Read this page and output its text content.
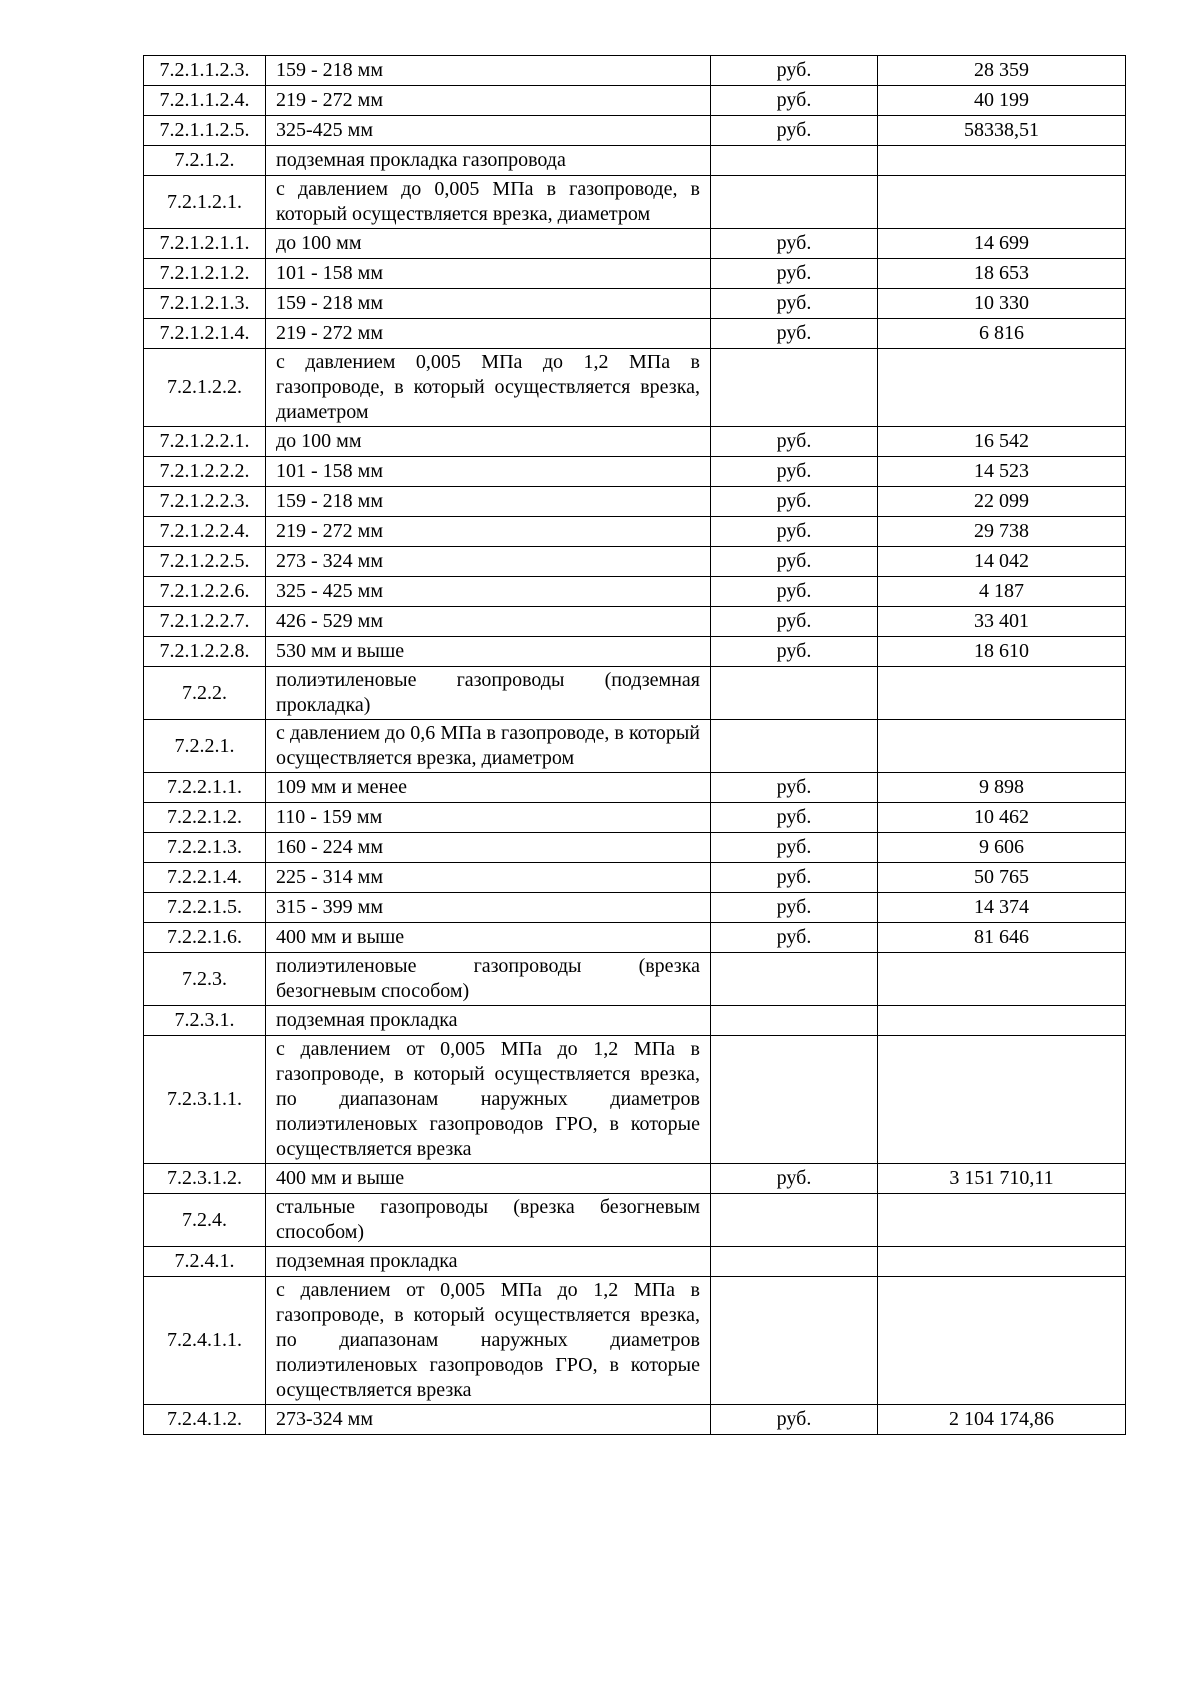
7.2.1.1.2.3.	159 - 218 мм	руб.	28 359
7.2.1.1.2.4.	219 - 272 мм	руб.	40 199
7.2.1.1.2.5.	325-425 мм	руб.	58338,51
7.2.1.2.	подземная прокладка газопровода		
7.2.1.2.1.	с давлением до 0,005 МПа в газопроводе, в который осуществляется врезка, диаметром		
7.2.1.2.1.1.	до 100 мм	руб.	14 699
7.2.1.2.1.2.	101 - 158 мм	руб.	18 653
7.2.1.2.1.3.	159 - 218 мм	руб.	10 330
7.2.1.2.1.4.	219 - 272 мм	руб.	6 816
7.2.1.2.2.	с давлением 0,005 МПа до 1,2 МПа в газопроводе, в который осуществляется врезка, диаметром		
7.2.1.2.2.1.	до 100 мм	руб.	16 542
7.2.1.2.2.2.	101 - 158 мм	руб.	14 523
7.2.1.2.2.3.	159 - 218 мм	руб.	22 099
7.2.1.2.2.4.	219 - 272 мм	руб.	29 738
7.2.1.2.2.5.	273 - 324 мм	руб.	14 042
7.2.1.2.2.6.	325 - 425 мм	руб.	4 187
7.2.1.2.2.7.	426 - 529 мм	руб.	33 401
7.2.1.2.2.8.	530 мм и выше	руб.	18 610
7.2.2.	полиэтиленовые газопроводы (подземная прокладка)		
7.2.2.1.	с давлением до 0,6 МПа в газопроводе, в который осуществляется врезка, диаметром		
7.2.2.1.1.	109 мм и менее	руб.	9 898
7.2.2.1.2.	110 - 159 мм	руб.	10 462
7.2.2.1.3.	160 - 224 мм	руб.	9 606
7.2.2.1.4.	225 - 314 мм	руб.	50 765
7.2.2.1.5.	315 - 399 мм	руб.	14 374
7.2.2.1.6.	400 мм и выше	руб.	81 646
7.2.3.	полиэтиленовые газопроводы (врезка безогневым способом)		
7.2.3.1.	подземная прокладка		
7.2.3.1.1.	с давлением от 0,005 МПа до 1,2 МПа в газопроводе, в который осуществляется врезка, по диапазонам наружных диаметров полиэтиленовых газопроводов ГРО, в которые осуществляется врезка		
7.2.3.1.2.	400 мм и выше	руб.	3 151 710,11
7.2.4.	стальные газопроводы (врезка безогневым способом)		
7.2.4.1.	подземная прокладка		
7.2.4.1.1.	с давлением от 0,005 МПа до 1,2 МПа в газопроводе, в который осуществляется врезка, по диапазонам наружных диаметров полиэтиленовых газопроводов ГРО, в которые осуществляется врезка		
7.2.4.1.2.	273-324 мм	руб.	2 104 174,86
